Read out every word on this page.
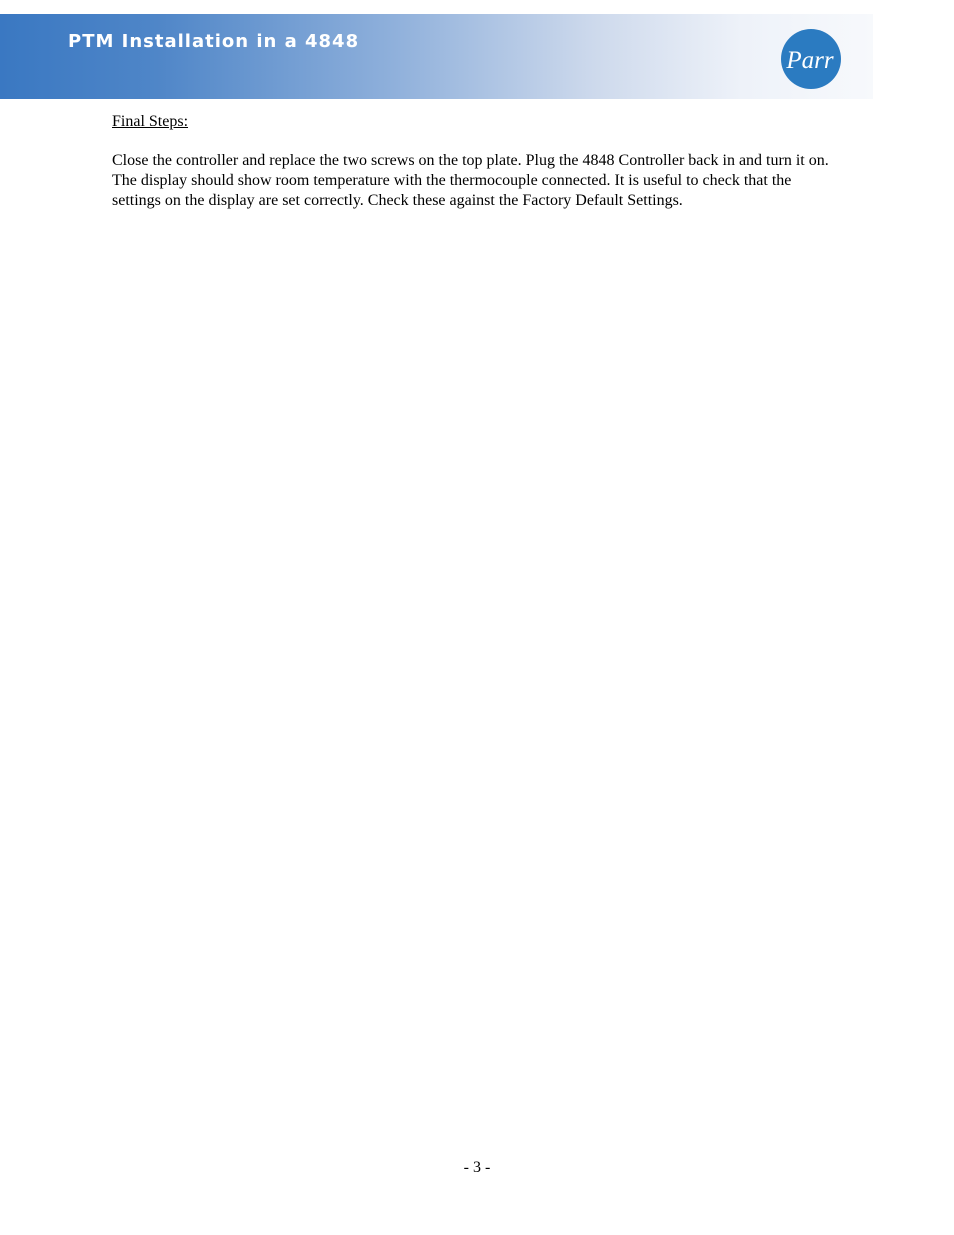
PTM Installation in a 4848
Parr
Final Steps:

Close the controller and replace the two screws on the top plate. Plug the 4848 Controller back in and turn it on. The display should show room temperature with the thermocouple connected. It is useful to check that the settings on the display are set correctly. Check these against the Factory Default Settings.

- 3 -
